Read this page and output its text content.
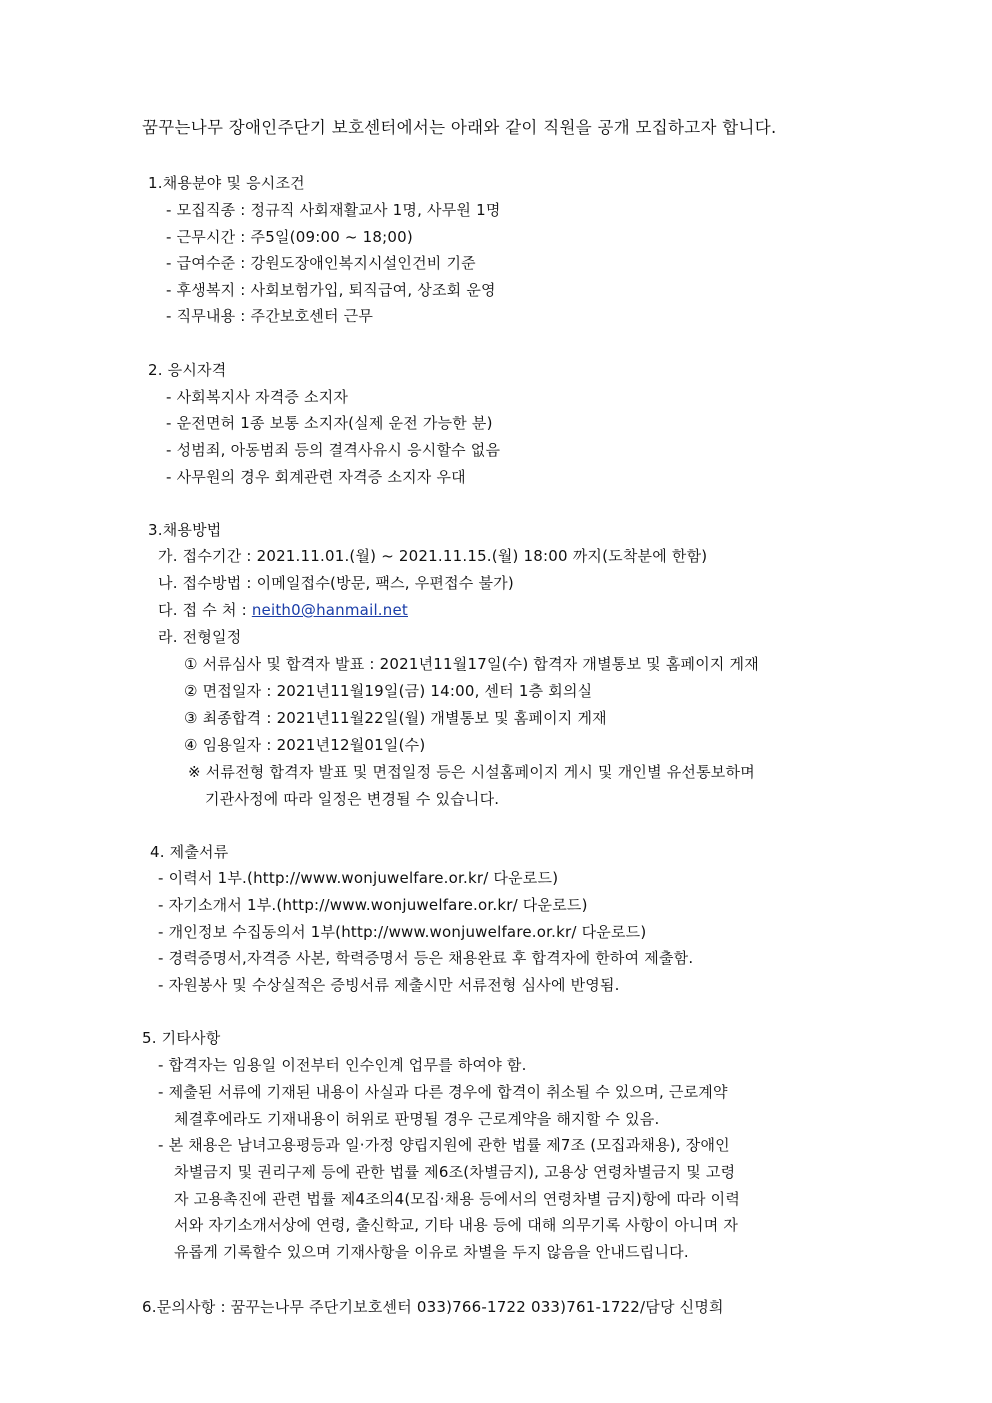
꿈꾸는나무 장애인주단기 보호센터에서는 아래와 같이 직원을 공개 모집하고자 합니다.
1.채용분야 및 응시조건
- 모집직종 : 정규직 사회재활교사 1명, 사무원 1명
- 근무시간 : 주5일(09:00 ~ 18;00)
- 급여수준 : 강원도장애인복지시설인건비 기준
- 후생복지 : 사회보험가입, 퇴직급여, 상조회 운영
- 직무내용 : 주간보호센터 근무
2. 응시자격
- 사회복지사 자격증 소지자
- 운전면허 1종 보통 소지자(실제 운전 가능한 분)
- 성범죄, 아동범죄 등의 결격사유시 응시할수 없음
- 사무원의 경우 회계관련 자격증 소지자 우대
3.채용방법
가. 접수기간 : 2021.11.01.(월) ~ 2021.11.15.(월) 18:00 까지(도착분에 한함)
나. 접수방법 : 이메일접수(방문, 팩스, 우편접수 불가)
다. 접 수 처 : neith0@hanmail.net
라. 전형일정
① 서류심사 및 합격자 발표 : 2021년11월17일(수) 합격자 개별통보 및 홈페이지 게재
② 면접일자 : 2021년11월19일(금) 14:00, 센터 1층 회의실
③ 최종합격 : 2021년11월22일(월) 개별통보 및 홈페이지 게재
④ 임용일자 : 2021년12월01일(수)
※ 서류전형 합격자 발표 및 면접일정 등은 시설홈페이지 게시 및 개인별 유선통보하며
기관사정에 따라 일정은 변경될 수 있습니다.
4. 제출서류
- 이력서 1부.(http://www.wonjuwelfare.or.kr/ 다운로드)
- 자기소개서 1부.(http://www.wonjuwelfare.or.kr/ 다운로드)
- 개인정보 수집동의서 1부(http://www.wonjuwelfare.or.kr/ 다운로드)
- 경력증명서,자격증 사본, 학력증명서 등은 채용완료 후 합격자에 한하여 제출함.
- 자원봉사 및 수상실적은 증빙서류 제출시만 서류전형 심사에 반영됨.
5. 기타사항
- 합격자는 임용일 이전부터 인수인계 업무를 하여야 함.
- 제출된 서류에 기재된 내용이 사실과 다른 경우에 합격이 취소될 수 있으며, 근로계약
체결후에라도 기재내용이 허위로 판명될 경우 근로계약을 해지할 수 있음.
- 본 채용은 남녀고용평등과 일·가정 양립지원에 관한 법률 제7조 (모집과채용), 장애인
차별금지 및 권리구제 등에 관한 법률 제6조(차별금지), 고용상 연령차별금지 및 고령
자 고용촉진에 관련 법률 제4조의4(모집·채용 등에서의 연령차별 금지)항에 따라 이력
서와 자기소개서상에 연령, 출신학교, 기타 내용 등에 대해 의무기록 사항이 아니며 자
유롭게 기록할수 있으며 기재사항을 이유로 차별을 두지 않음을 안내드립니다.
6.문의사항 : 꿈꾸는나무 주단기보호센터 033)766-1722 033)761-1722/담당 신명희
